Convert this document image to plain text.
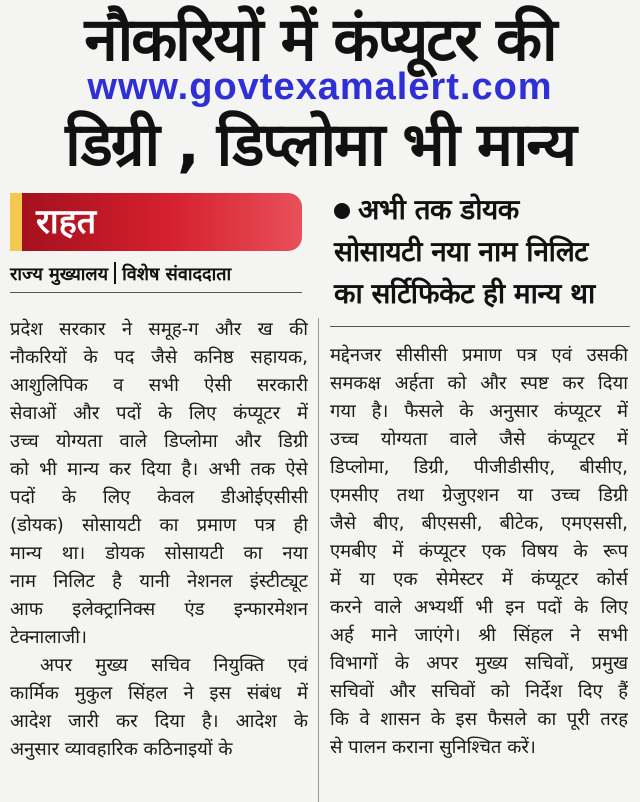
नौकरियों में कंप्यूटर की
www.govtexamalert.com
डिग्री , डिप्लोमा भी मान्य
राहत
राज्य मुख्यालय विशेष संवाददाता
अभी तक डोयक
सोसायटी नया नाम निलिट
का सर्टिफिकेट ही मान्य था
प्रदेश सरकार ने समूह-ग और ख की
नौकरियों के पद जैसे कनिष्ठ सहायक,
आशुलिपिक व सभी ऐसी सरकारी
सेवाओं और पदों के लिए कंप्यूटर में
उच्च योग्यता वाले डिप्लोमा और डिग्री
को भी मान्य कर दिया है। अभी तक ऐसे
पदों के लिए केवल डीओईएसीसी
(डोयक) सोसायटी का प्रमाण पत्र ही
मान्य था। डोयक सोसायटी का नया
नाम निलिट है यानी नेशनल इंस्टीट्यूट
आफ इलेक्ट्रानिक्स एंड इन्फारमेशन
टेक्नालाजी।
अपर मुख्य सचिव नियुक्ति एवं
कार्मिक मुकुल सिंहल ने इस संबंध में
आदेश जारी कर दिया है। आदेश के
अनुसार व्यावहारिक कठिनाइयों के
मद्देनजर सीसीसी प्रमाण पत्र एवं उसकी
समकक्ष अर्हता को और स्पष्ट कर दिया
गया है। फैसले के अनुसार कंप्यूटर में
उच्च योग्यता वाले जैसे कंप्यूटर में
डिप्लोमा, डिग्री, पीजीडीसीए, बीसीए,
एमसीए तथा ग्रेजुएशन या उच्च डिग्री
जैसे बीए, बीएससी, बीटेक, एमएससी,
एमबीए में कंप्यूटर एक विषय के रूप
में या एक सेमेस्टर में कंप्यूटर कोर्स
करने वाले अभ्यर्थी भी इन पदों के लिए
अर्ह माने जाएंगे। श्री सिंहल ने सभी
विभागों के अपर मुख्य सचिवों, प्रमुख
सचिवों और सचिवों को निर्देश दिए हैं
कि वे शासन के इस फैसले का पूरी तरह
से पालन कराना सुनिश्चित करें।
